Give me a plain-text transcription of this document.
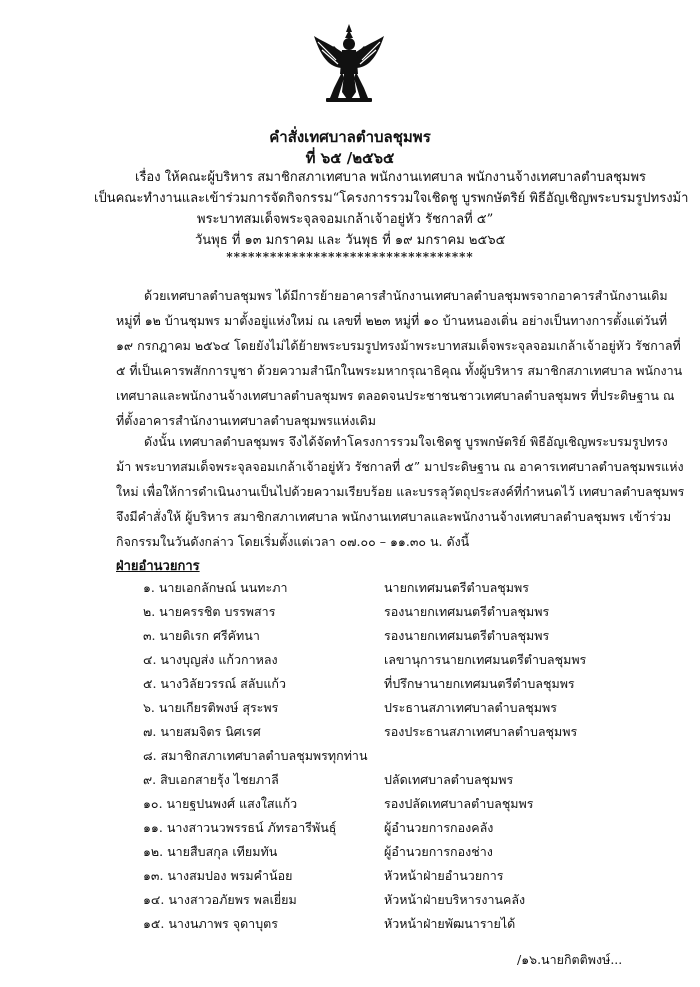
คำสั่งเทศบาลตำบลชุมพร
ที่ ๖๕ /๒๕๖๕
เรื่อง ให้คณะผู้บริหาร สมาชิกสภาเทศบาล พนักงานเทศบาล พนักงานจ้างเทศบาลตำบลชุมพร
เป็นคณะทำงานและเข้าร่วมการจัดกิจกรรม“โครงการรวมใจเชิดชู บูรพกษัตริย์ พิธีอัญเชิญพระบรมรูปทรงม้า
พระบาทสมเด็จพระจุลจอมเกล้าเจ้าอยู่หัว รัชกาลที่ ๕”
วันพุธ ที่ ๑๓ มกราคม และ วันพุธ ที่ ๑๙ มกราคม ๒๕๖๕
**********************************

ด้วยเทศบาลตำบลชุมพร ได้มีการย้ายอาคารสำนักงานเทศบาลตำบลชุมพรจากอาคารสำนักงานเดิม

หมู่ที่ ๑๒ บ้านชุมพร มาตั้งอยู่แห่งใหม่ ณ เลขที่ ๒๒๓ หมู่ที่ ๑๐ บ้านหนองเติ่น อย่างเป็นทางการตั้งแต่วันที่

๑๙ กรกฎาคม ๒๕๖๔ โดยยังไม่ได้ย้ายพระบรมรูปทรงม้าพระบาทสมเด็จพระจุลจอมเกล้าเจ้าอยู่หัว รัชกาลที่

๕ ที่เป็นเคารพสักการบูชา ด้วยความสำนึกในพระมหากรุณาธิคุณ ทั้งผู้บริหาร สมาชิกสภาเทศบาล พนักงาน

เทศบาลและพนักงานจ้างเทศบาลตำบลชุมพร ตลอดจนประชาชนชาวเทศบาลตำบลชุมพร ที่ประดิษฐาน ณ

ที่ตั้งอาคารสำนักงานเทศบาลตำบลชุมพรแห่งเดิม

ดังนั้น เทศบาลตำบลชุมพร จึงได้จัดทำโครงการรวมใจเชิดชู บูรพกษัตริย์ พิธีอัญเชิญพระบรมรูปทรง

ม้า พระบาทสมเด็จพระจุลจอมเกล้าเจ้าอยู่หัว รัชกาลที่ ๕” มาประดิษฐาน ณ อาคารเทศบาลตำบลชุมพรแห่ง

ใหม่ เพื่อให้การดำเนินงานเป็นไปด้วยความเรียบร้อย และบรรลุวัตถุประสงค์ที่กำหนดไว้ เทศบาลตำบลชุมพร

จึงมีคำสั่งให้ ผู้บริหาร สมาชิกสภาเทศบาล พนักงานเทศบาลและพนักงานจ้างเทศบาลตำบลชุมพร เข้าร่วม

กิจกรรมในวันดังกล่าว โดยเริ่มตั้งแต่เวลา ๐๗.๐๐ – ๑๑.๓๐ น. ดังนี้

ฝ่ายอำนวยการ
๑. นายเอกลักษณ์ นนทะภา	นายกเทศมนตรีตำบลชุมพร
๒. นายครรชิต บรรพสาร	รองนายกเทศมนตรีตำบลชุมพร
๓. นายดิเรก ศรีคัทนา	รองนายกเทศมนตรีตำบลชุมพร
๔. นางบุญส่ง แก้วกาหลง	เลขานุการนายกเทศมนตรีตำบลชุมพร
๕. นางวิลัยวรรณ์ สลับแก้ว	ที่ปรึกษานายกเทศมนตรีตำบลชุมพร
๖. นายเกียรติพงษ์ สุระพร	ประธานสภาเทศบาลตำบลชุมพร
๗. นายสมจิตร นิศเรศ	รองประธานสภาเทศบาลตำบลชุมพร
๘. สมาชิกสภาเทศบาลตำบลชุมพรทุกท่าน
๙. สิบเอกสายรุ้ง ไชยภาลี	ปลัดเทศบาลตำบลชุมพร
๑๐. นายฐปนพงศ์ แสงใสแก้ว	รองปลัดเทศบาลตำบลชุมพร
๑๑. นางสาวนวพรรธน์ ภัทรอารีพันธุ์	ผู้อำนวยการกองคลัง
๑๒. นายสืบสกุล เทียมทัน	ผู้อำนวยการกองช่าง
๑๓. นางสมปอง พรมคำน้อย	หัวหน้าฝ่ายอำนวยการ
๑๔. นางสาวอภัยพร พลเยี่ยม	หัวหน้าฝ่ายบริหารงานคลัง
๑๕. นางนภาพร จุดาบุตร	หัวหน้าฝ่ายพัฒนารายได้
/๑๖.นายกิตติพงษ์...
